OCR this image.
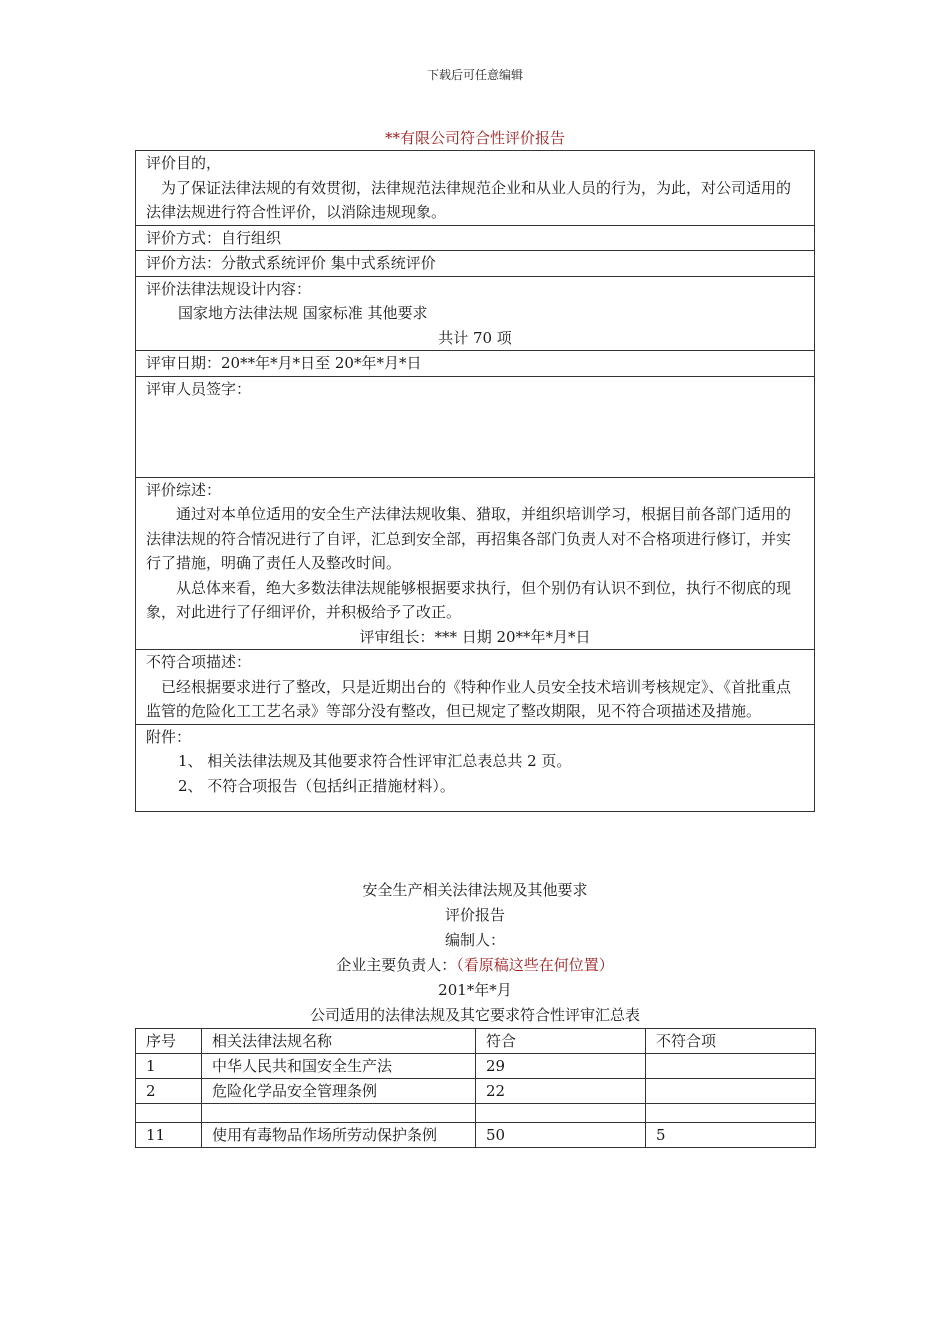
下载后可任意编辑
**有限公司符合性评价报告
评价目的，
为了保证法律法规的有效贯彻，法律规范法律规范企业和从业人员的行为，为此，对公司适用的法律法规进行符合性评价，以消除违规现象。

评价方式：自行组织
评价方法：分散式系统评价 集中式系统评价

评价法律法规设计内容：
国家地方法律法规 国家标准 其他要求
共计 70 项

评审日期：20**年*月*日至 20*年*月*日
评审人员签字：

评价综述：
通过对本单位适用的安全生产法律法规收集、猎取，并组织培训学习，根据目前各部门适用的法律法规的符合情况进行了自评，汇总到安全部，再招集各部门负责人对不合格项进行修订，并实行了措施，明确了责任人及整改时间。
从总体来看，绝大多数法律法规能够根据要求执行，但个别仍有认识不到位，执行不彻底的现象，对此进行了仔细评价，并积极给予了改正。
评审组长：*** 日期 20**年*月*日

不符合项描述：
已经根据要求进行了整改，只是近期出台的《特种作业人员安全技术培训考核规定》、《首批重点监管的危险化工工艺名录》等部分没有整改，但已规定了整改期限，见不符合项描述及措施。

附件：
1、 相关法律法规及其他要求符合性评审汇总表总共 2 页。
2、 不符合项报告（包括纠正措施材料）。
安全生产相关法律法规及其他要求
评价报告
编制人：
企业主要负责人：（看原稿这些在何位置）
201*年*月
公司适用的法律法规及其它要求符合性评审汇总表
序号	相关法律法规名称	符合	不符合项
1	中华人民共和国安全生产法	29	
2	危险化学品安全管理条例	22	

11	使用有毒物品作场所劳动保护条例	50	5
